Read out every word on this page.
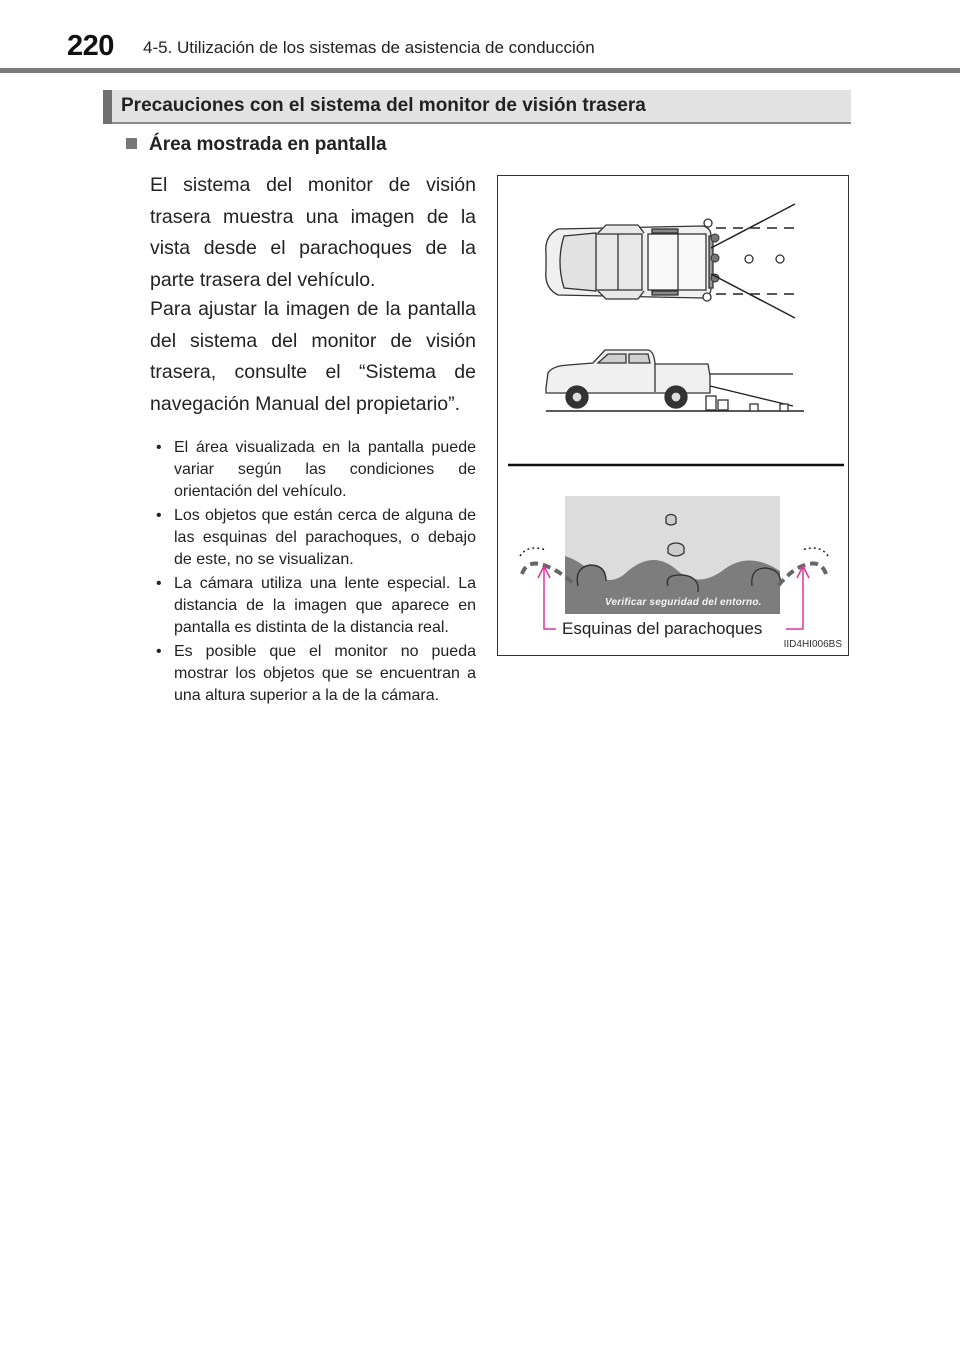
220 4-5. Utilización de los sistemas de asistencia de conducción
Precauciones con el sistema del monitor de visión trasera
Área mostrada en pantalla
El sistema del monitor de visión trasera muestra una imagen de la vista desde el parachoques de la parte trasera del vehículo.
Para ajustar la imagen de la pantalla del sistema del monitor de visión trasera, consulte el “Sistema de navegación Manual del propietario”.
• El área visualizada en la pantalla puede variar según las condiciones de orientación del vehículo.
• Los objetos que están cerca de alguna de las esquinas del parachoques, o debajo de este, no se visualizan.
• La cámara utiliza una lente especial. La distancia de la imagen que aparece en pantalla es distinta de la distancia real.
• Es posible que el monitor no pueda mostrar los objetos que se encuentran a una altura superior a la de la cámara.
Verificar seguridad del entorno.
Esquinas del parachoques
IID4HI006BS
